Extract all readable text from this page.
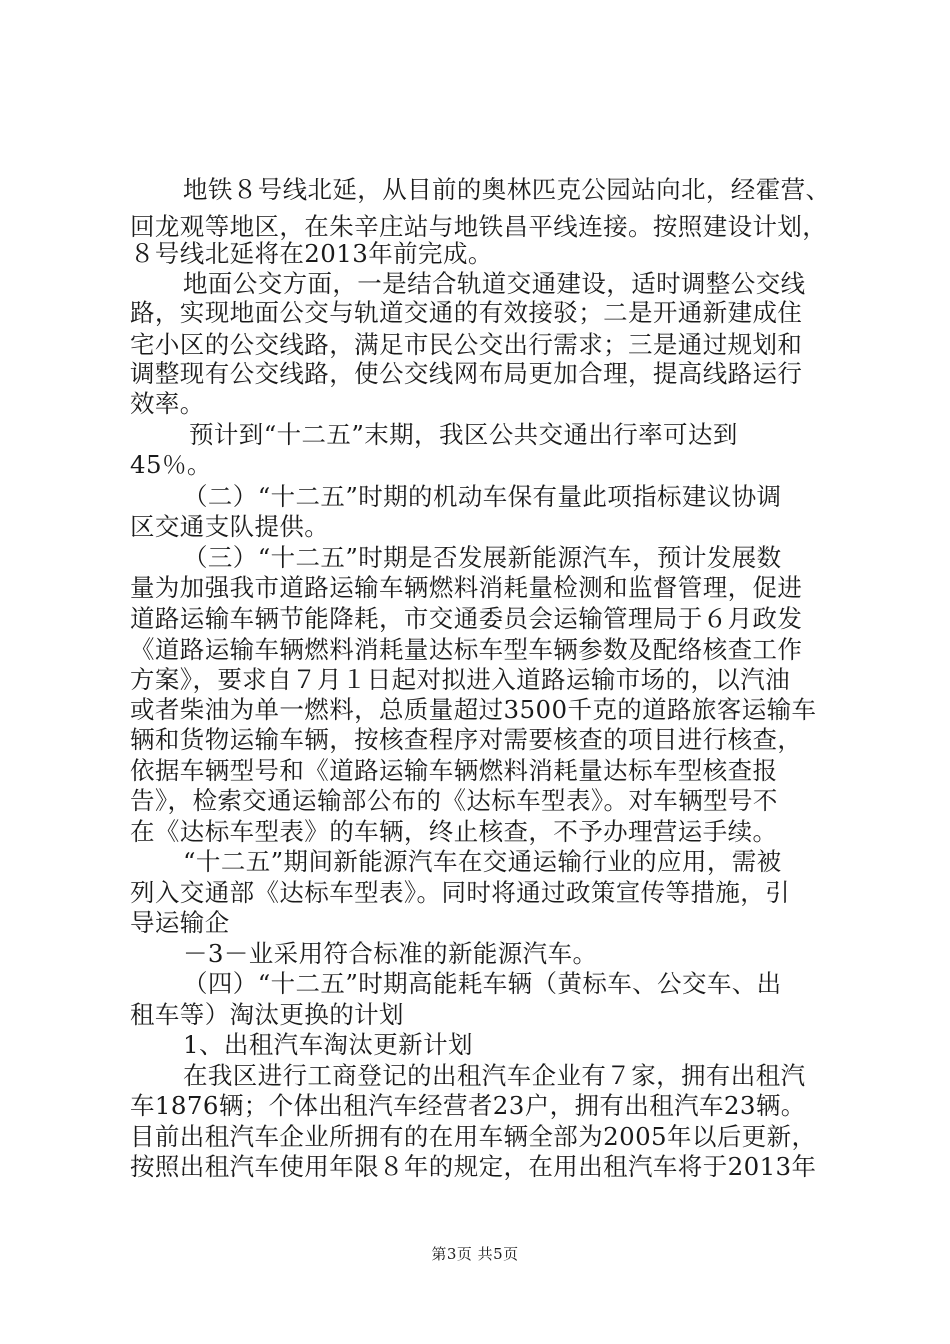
地铁８号线北延，从目前的奥林匹克公园站向北，经霍营、
回龙观等地区，在朱辛庄站与地铁昌平线连接。按照建设计划，
８号线北延将在2013年前完成。
地面公交方面，一是结合轨道交通建设，适时调整公交线
路，实现地面公交与轨道交通的有效接驳；二是开通新建成住
宅小区的公交线路，满足市民公交出行需求；三是通过规划和
调整现有公交线路，使公交线网布局更加合理，提高线路运行
效率。
预计到“十二五”末期，我区公共交通出行率可达到
45％。
（二）“十二五”时期的机动车保有量此项指标建议协调
区交通支队提供。
（三）“十二五”时期是否发展新能源汽车，预计发展数
量为加强我市道路运输车辆燃料消耗量检测和监督管理，促进
道路运输车辆节能降耗，市交通委员会运输管理局于６月政发
《道路运输车辆燃料消耗量达标车型车辆参数及配络核查工作
方案》，要求自７月１日起对拟进入道路运输市场的，以汽油
或者柴油为单一燃料，总质量超过3500千克的道路旅客运输车
辆和货物运输车辆，按核查程序对需要核查的项目进行核查，
依据车辆型号和《道路运输车辆燃料消耗量达标车型核查报
告》，检索交通运输部公布的《达标车型表》。对车辆型号不
在《达标车型表》的车辆，终止核查，不予办理营运手续。
“十二五”期间新能源汽车在交通运输行业的应用，需被
列入交通部《达标车型表》。同时将通过政策宣传等措施，引
导运输企
－3－业采用符合标准的新能源汽车。
（四）“十二五”时期高能耗车辆（黄标车、公交车、出
租车等）淘汰更换的计划
1、出租汽车淘汰更新计划
在我区进行工商登记的出租汽车企业有７家，拥有出租汽
车1876辆；个体出租汽车经营者23户，拥有出租汽车23辆。
目前出租汽车企业所拥有的在用车辆全部为2005年以后更新，
按照出租汽车使用年限８年的规定，在用出租汽车将于2013年
第3页 共5页
